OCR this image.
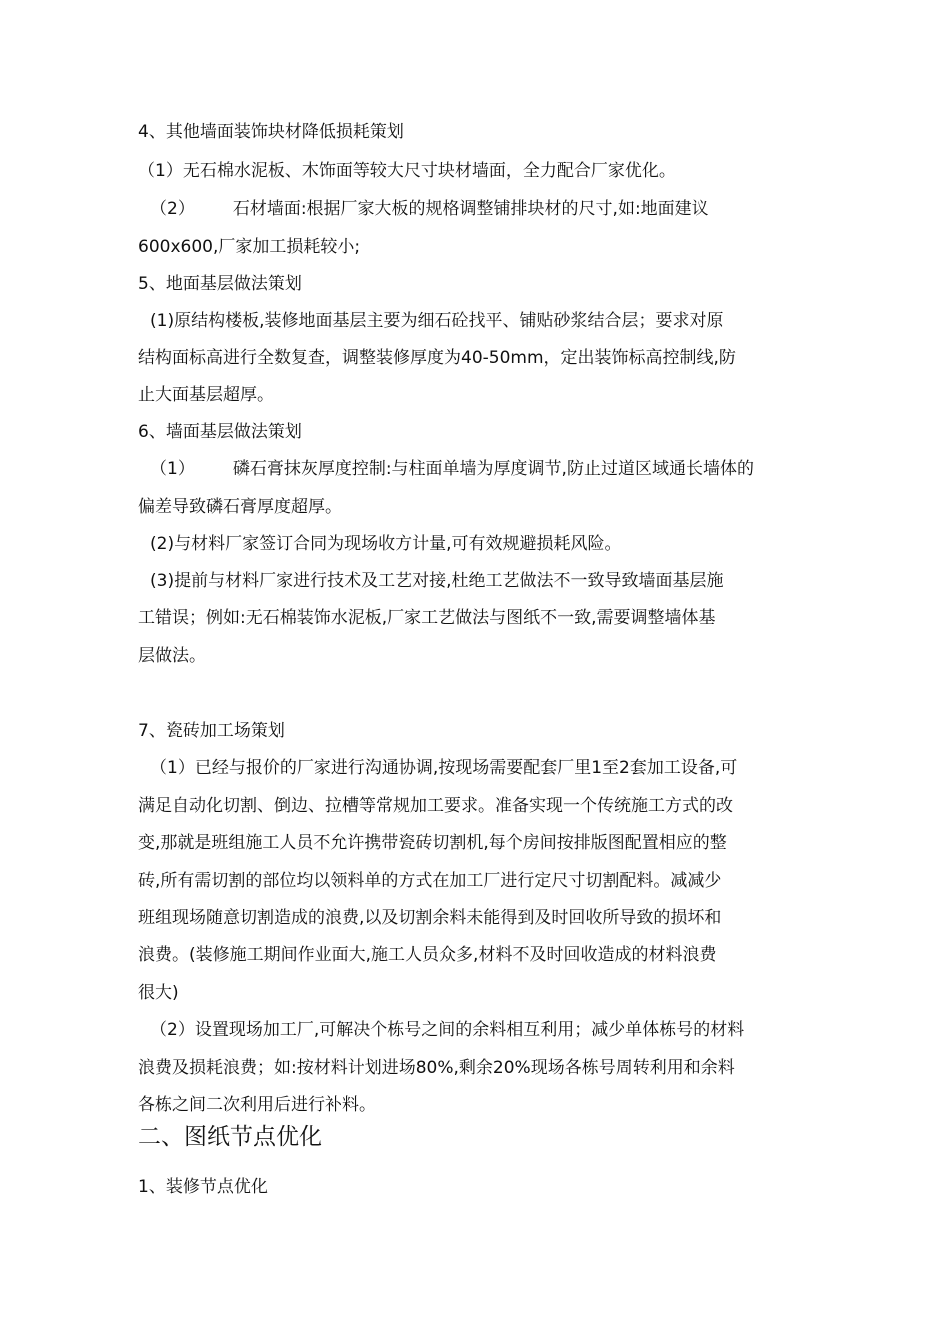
4、其他墙面装饰块材降低损耗策划
（1）无石棉水泥板、木饰面等较大尺寸块材墙面，全力配合厂家优化。
（2） 石材墙面:根据厂家大板的规格调整铺排块材的尺寸,如:地面建议
600x600,厂家加工损耗较小;
5、地面基层做法策划
(1)原结构楼板,装修地面基层主要为细石砼找平、铺贴砂浆结合层；要求对原
结构面标高进行全数复查，调整装修厚度为40-50mm，定出装饰标高控制线,防
止大面基层超厚。
6、墙面基层做法策划
（1） 磷石膏抹灰厚度控制:与柱面单墙为厚度调节,防止过道区域通长墙体的
偏差导致磷石膏厚度超厚。
(2)与材料厂家签订合同为现场收方计量,可有效规避损耗风险。
(3)提前与材料厂家进行技术及工艺对接,杜绝工艺做法不一致导致墙面基层施
工错误；例如:无石棉装饰水泥板,厂家工艺做法与图纸不一致,需要调整墙体基
层做法。
7、瓷砖加工场策划
（1）已经与报价的厂家进行沟通协调,按现场需要配套厂里1至2套加工设备,可
满足自动化切割、倒边、拉槽等常规加工要求。准备实现一个传统施工方式的改
变,那就是班组施工人员不允许携带瓷砖切割机,每个房间按排版图配置相应的整
砖,所有需切割的部位均以领料单的方式在加工厂进行定尺寸切割配料。减减少
班组现场随意切割造成的浪费,以及切割余料未能得到及时回收所导致的损坏和
浪费。(装修施工期间作业面大,施工人员众多,材料不及时回收造成的材料浪费
很大)
（2）设置现场加工厂,可解决个栋号之间的余料相互利用；减少单体栋号的材料
浪费及损耗浪费；如:按材料计划进场80%,剩余20%现场各栋号周转利用和余料
各栋之间二次利用后进行补料。
二、图纸节点优化
1、装修节点优化
